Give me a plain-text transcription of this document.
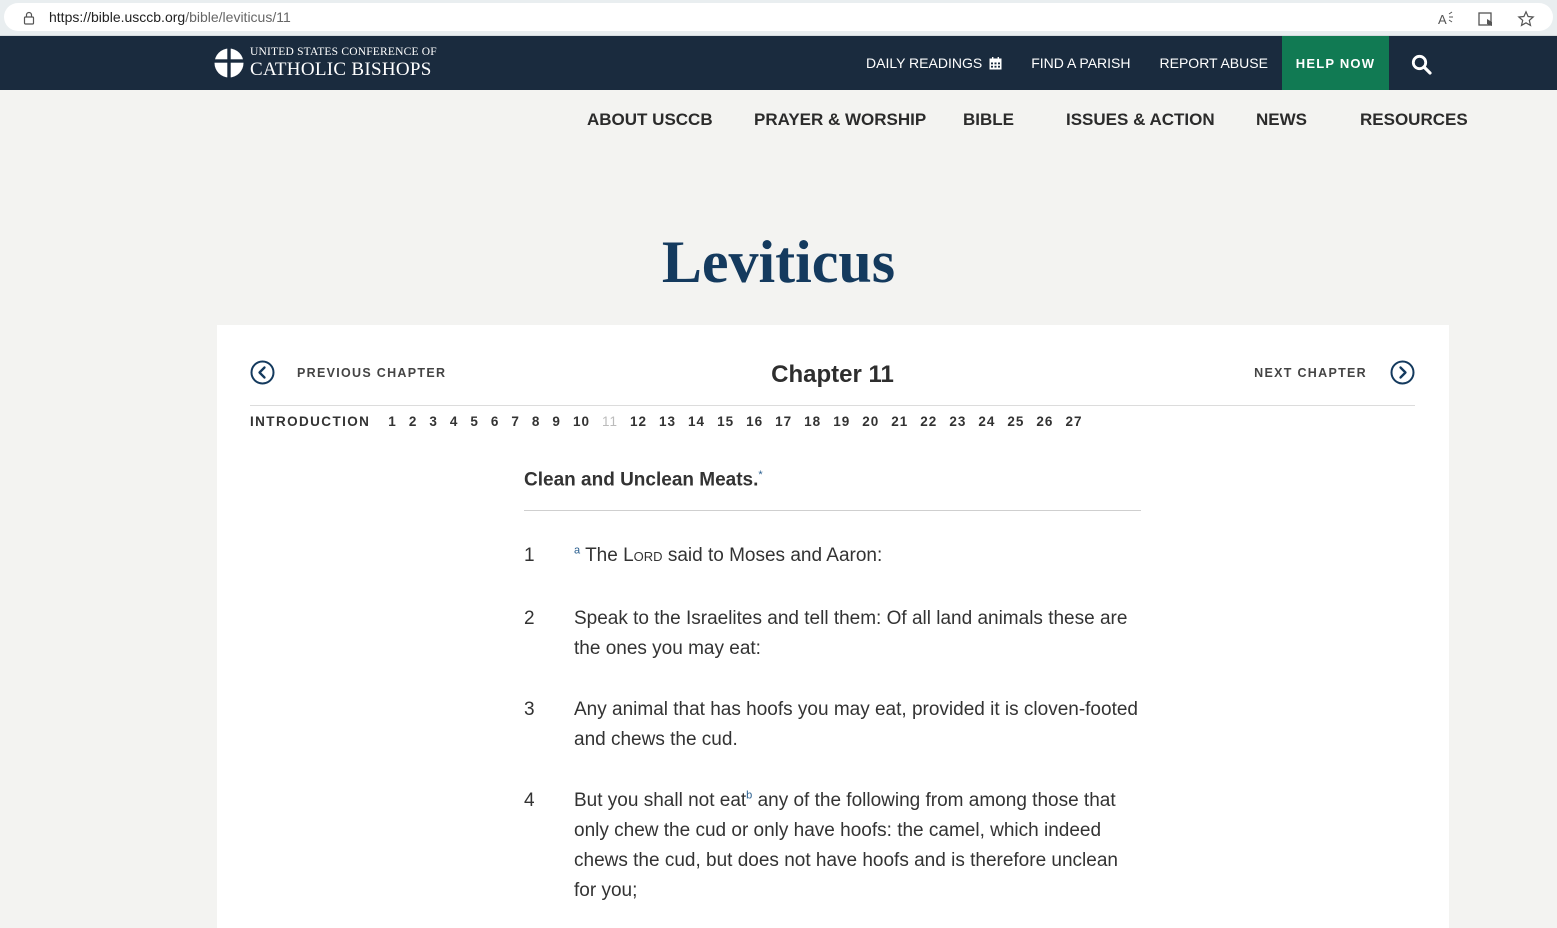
https://bible.usccb.org/bible/leviticus/11	A
UNITED STATES CONFERENCE OF
CATHOLIC BISHOPS	DAILY READINGS	FIND A PARISH REPORT ABUSE	HELP NOW
ABOUT USCCB PRAYER & WORSHIP BIBLE	ISSUES & ACTION NEWS	RESOURCES
Leviticus
PREVIOUS CHAPTER	Chapter 11	NEXT CHAPTER
INTRODUCTION 1 2 3 4 5 6 7 8 9 10 11 12 13 14 15 16 17 18 19 20 21 22 23 24 25 26 27
Clean and Unclean Meats.*
1	$^a$ The Lord said to Moses and Aaron:
2 Speak to the Israelites and tell them: Of all land animals these are the ones you may eat:
3 Any animal that has hoofs you may eat, provided it is cloven-footed and chews the cud.
4 But you shall not eat$^b$ any of the following from among those that only chew the cud or only have hoofs: the camel, which indeed chews the cud, but does not have hoofs and is therefore unclean for you;
